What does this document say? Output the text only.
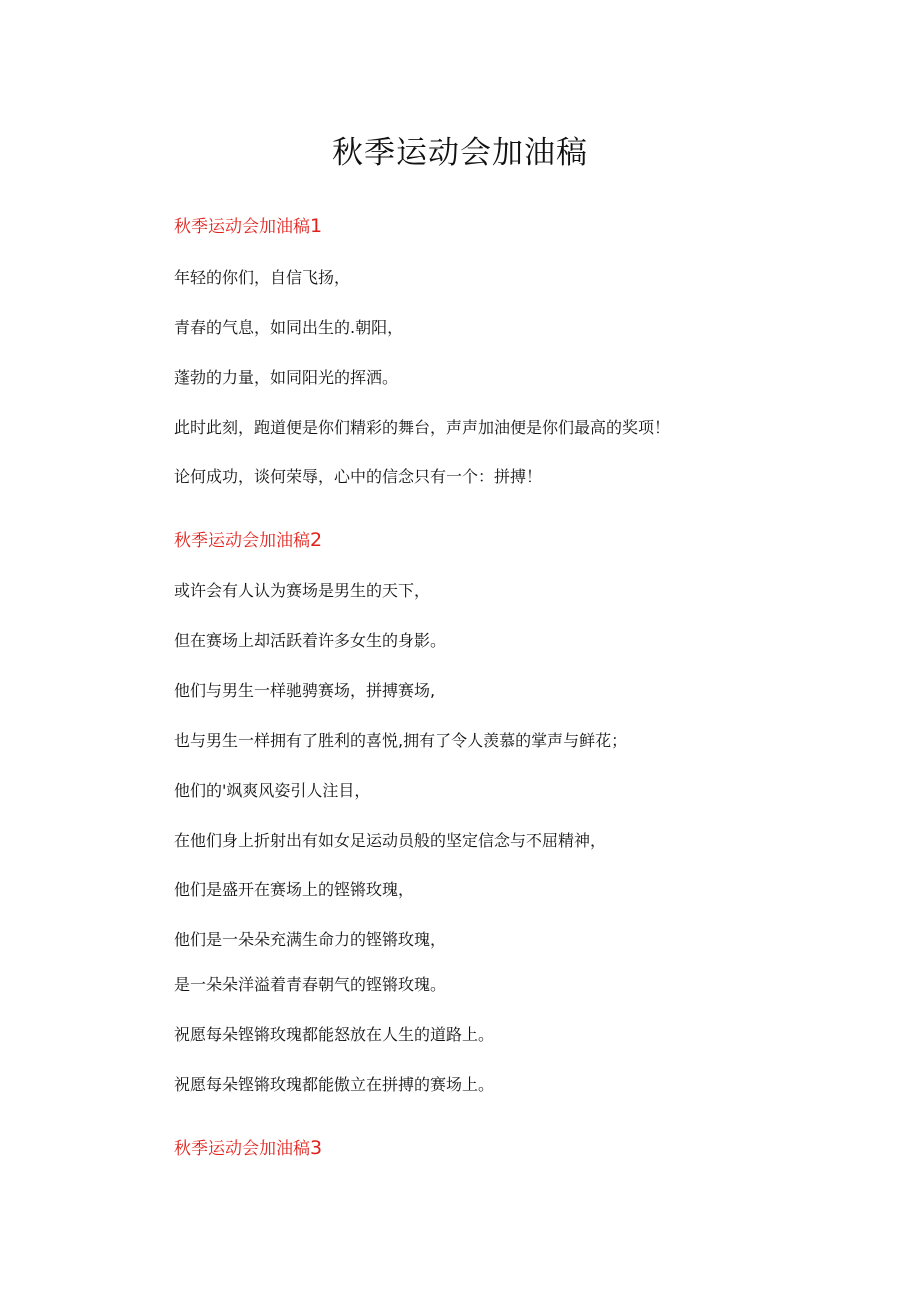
秋季运动会加油稿
秋季运动会加油稿1
年轻的你们，自信飞扬，
青春的气息，如同出生的.朝阳，
蓬勃的力量，如同阳光的挥洒。
此时此刻，跑道便是你们精彩的舞台，声声加油便是你们最高的奖项！
论何成功，谈何荣辱，心中的信念只有一个：拼搏！
秋季运动会加油稿2
或许会有人认为赛场是男生的天下，
但在赛场上却活跃着许多女生的身影。
他们与男生一样驰骋赛场，拼搏赛场,
也与男生一样拥有了胜利的喜悦,拥有了令人羡慕的掌声与鲜花；
他们的'飒爽风姿引人注目，
在他们身上折射出有如女足运动员般的坚定信念与不屈精神，
他们是盛开在赛场上的铿锵玫瑰，
他们是一朵朵充满生命力的铿锵玫瑰，
是一朵朵洋溢着青春朝气的铿锵玫瑰。
祝愿每朵铿锵玫瑰都能怒放在人生的道路上。
祝愿每朵铿锵玫瑰都能傲立在拼搏的赛场上。
秋季运动会加油稿3
